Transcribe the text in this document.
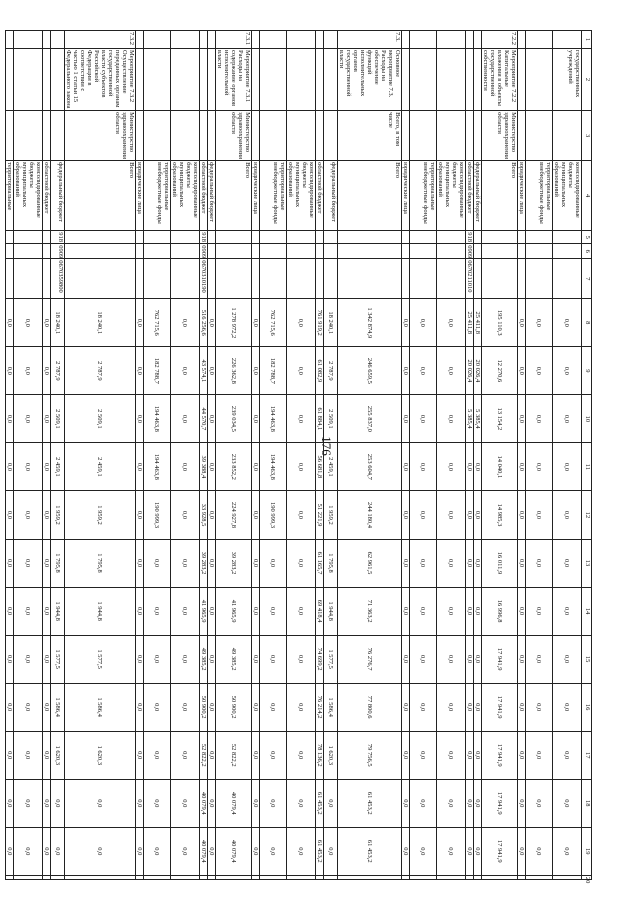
176
1	2	3	4	5	6	7	8	9	10	11	12	13	14	15	16	17	18	19	20
	государственных учреждений		консолидированные бюджеты муниципальных образований				0,0	0,0	0,0	0,0	0,0	0,0	0,0	0,0	0,0	0,0	0,0	0,0	
			территориальные внебюджетные фонды				0,0	0,0	0,0	0,0	0,0	0,0	0,0	0,0	0,0	0,0	0,0	0,0	
			юридические лица				0,0	0,0	0,0	0,0	0,0	0,0	0,0	0,0	0,0	0,0	0,0	0,0	
7.2.2	Мероприятие 7.2.2 Капитальные вложения в объекты государственной собственности	Министерство здравоохранения области	Всего				195 110,3	12 270,6	13 154,2	14 040,1	14 985,3	16 011,9	16 996,8	17 941,9	17 941,9	17 941,9	17 941,9	17 941,9	
			федеральный бюджет				25 411,8	20 026,4	5 385,4	0,0	0,0	0,0	0,0	0,0	0,0	0,0	0,0	0,0	
			областной бюджет	918	0909	0670211010	25 411,8	20 026,4	5 385,4	0,0	0,0	0,0	0,0	0,0	0,0	0,0	0,0	0,0	
			консолидированные бюджеты муниципальных образований				0,0	0,0	0,0	0,0	0,0	0,0	0,0	0,0	0,0	0,0	0,0	0,0	
			территориальные внебюджетные фонды				0,0	0,0	0,0	0,0	0,0	0,0	0,0	0,0	0,0	0,0	0,0	0,0	
			юридические лица				0,0	0,0	0,0	0,0	0,0	0,0	0,0	0,0	0,0	0,0	0,0	0,0	
7.3.	Основное мероприятие 7.3. Расходы на обеспечение функций исполнительных органов государственной власти	Всего, в том числе	Всего				1 342 874,9	246 659,5	255 837,0	253 604,7	244 180,4	62 961,5	71 363,2	76 276,7	77 800,6	79 756,5	61 453,2	61 453,2	
			федеральный бюджет				18 240,1	2 787,9	2 509,1	2 459,1	1 959,2	1 795,8	1 944,8	1 577,5	1 586,4	1 620,3	0,0	0,0	
			областной бюджет				761 919,2	61 082,9	61 884,1	56 681,8	51 221,9	61 165,7	69 418,4	74 699,2	76 214,2	78 136,2	61 453,2	61 453,2	
			консолидированные бюджеты муниципальных образований				0,0	0,0	0,0	0,0	0,0	0,0	0,0	0,0	0,0	0,0	0,0	0,0	
			территориальные внебюджетные фонды				762 715,6	182 788,7	194 463,8	194 463,8	190 999,3	0,0	0,0	0,0	0,0	0,0	0,0	0,0	
			юридические лица				0,0	0,0	0,0	0,0	0,0	0,0	0,0	0,0	0,0	0,0	0,0	0,0	
7.3.1	Мероприятие 7.3.1 Расходы на содержание органов исполнительной власти	Министерство здравоохранения области	Всего				1 278 972,2	226 362,8	239 034,5	233 852,2	224 927,8	39 283,2	41 965,9	49 385,2	50 900,2	52 822,2	40 079,4	40 079,4	
			федеральный бюджет				0,0	0,0	0,0	0,0	0,0	0,0	0,0	0,0	0,0	0,0	0,0	0,0	
			областной бюджет	918	0909	0670310190	516 256,6	43 574,1	44 570,7	39 388,4	33 928,5	39 283,2	41 965,9	49 385,2	50 900,2	52 822,2	40 079,4	40 079,4	
			консолидированные бюджеты муниципальных образований				0,0	0,0	0,0	0,0	0,0	0,0	0,0	0,0	0,0	0,0	0,0	0,0	
			территориальные внебюджетные фонды				762 715,6	182 788,7	194 463,8	194 463,8	190 999,3	0,0	0,0	0,0	0,0	0,0	0,0	0,0	
			юридические лица				0,0	0,0	0,0	0,0	0,0	0,0	0,0	0,0	0,0	0,0	0,0	0,0	
7.3.2	Мероприятие 7.3.2 Осуществление переданных органам государственной власти субъектов Российской Федерации в соответствии с частью 1 статьи 15 Федерального закона	Министерство здравоохранения области	Всего				18 240,1	2 787,9	2 509,1	2 459,1	1 959,2	1 795,8	1 944,8	1 577,5	1 586,4	1 620,3	0,0	0,0	
			федеральный бюджет	918	0909	0670359800	18 240,1	2 787,9	2 509,1	2 459,1	1 959,2	1 795,8	1 944,8	1 577,5	1 586,4	1 620,3	0,0	0,0	
			областной бюджет				0,0	0,0	0,0	0,0	0,0	0,0	0,0	0,0	0,0	0,0	0,0	0,0	
			консолидированные бюджеты муниципальных образований				0,0	0,0	0,0	0,0	0,0	0,0	0,0	0,0	0,0	0,0	0,0	0,0	
			территориальные				0,0	0,0	0,0	0,0	0,0	0,0	0,0	0,0	0,0	0,0	0,0	0,0	
